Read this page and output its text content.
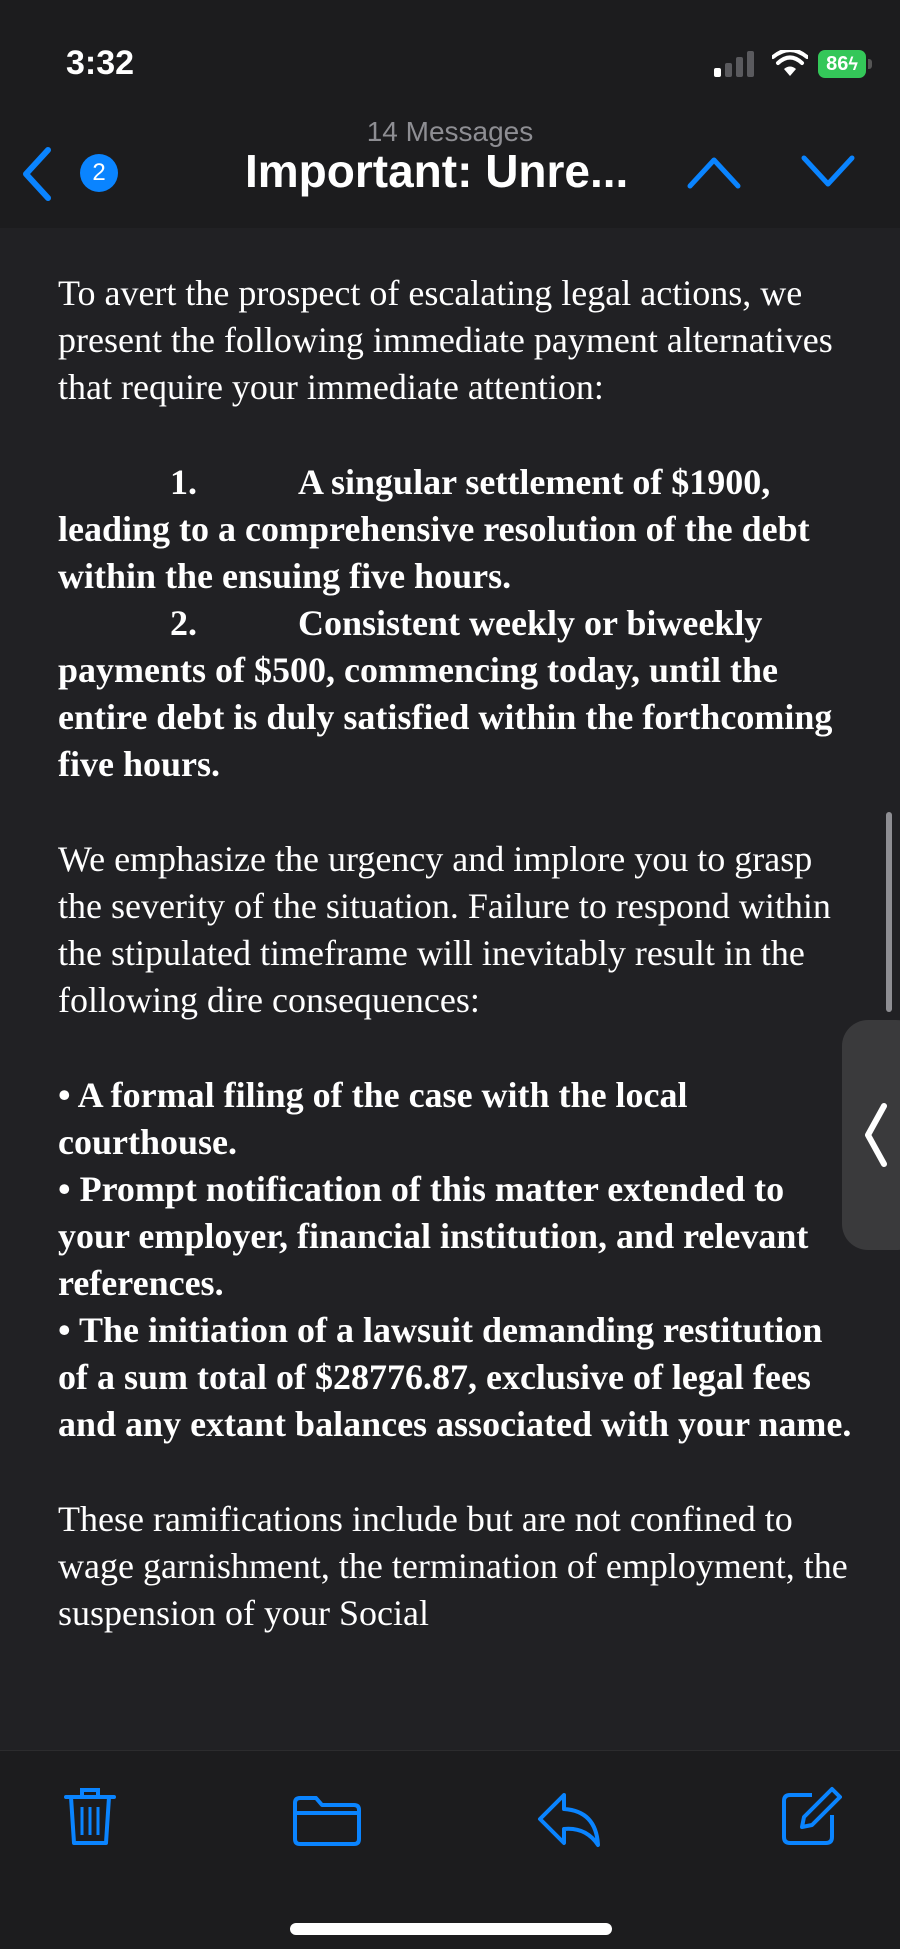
3:32	86 ϟ
2
14 Messages
Important: Unre...

To avert the prospect of escalating legal actions, we present the following immediate payment alternatives that require your immediate attention:

1.	A singular settlement of $1900,
leading to a comprehensive resolution of the debt within the ensuing five hours.
2.	Consistent weekly or biweekly
payments of $500, commencing today, until the entire debt is duly satisfied within the forthcoming five hours.

We emphasize the urgency and implore you to grasp the severity of the situation. Failure to respond within the stipulated timeframe will inevitably result in the following dire consequences:

• A formal filing of the case with the local courthouse.
• Prompt notification of this matter extended to your employer, financial institution, and relevant references.
• The initiation of a lawsuit demanding restitution of a sum total of $28776.87, exclusive of legal fees and any extant balances associated with your name.

These ramifications include but are not confined to wage garnishment, the termination of employment, the suspension of your Social
